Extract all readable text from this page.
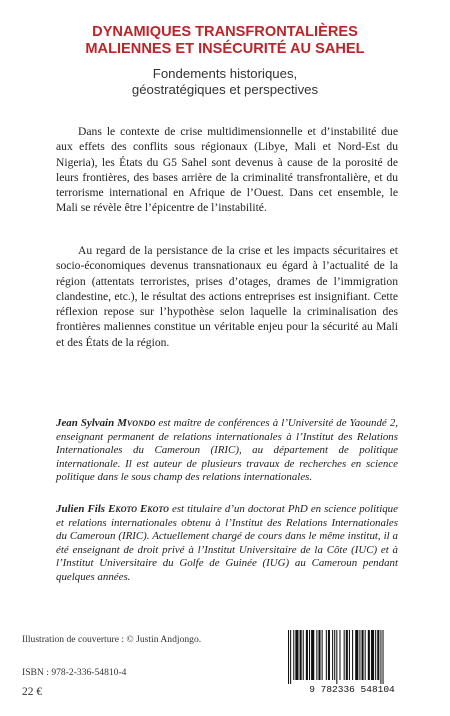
DYNAMIQUES TRANSFRONTALIÈRES
MALIENNES ET INSÉCURITÉ AU SAHEL
Fondements historiques,
géostratégiques et perspectives

Dans le contexte de crise multidimensionnelle et d’instabilité due aux effets des conflits sous régionaux (Libye, Mali et Nord-Est du Nigeria), les États du G5 Sahel sont devenus à cause de la porosité de leurs frontières, des bases arrière de la criminalité transfrontalière, et du terrorisme international en Afrique de l’Ouest. Dans cet ensemble, le Mali se révèle être l’épicentre de l’instabilité.

Au regard de la persistance de la crise et les impacts sécuritaires et socio-économiques devenus transnationaux eu égard à l’actualité de la région (attentats terroristes, prises d’otages, drames de l’immigration clandestine, etc.), le résultat des actions entreprises est insignifiant. Cette réflexion repose sur l’hypothèse selon laquelle la criminalisation des frontières maliennes constitue un véritable enjeu pour la sécurité au Mali et des États de la région.

Jean Sylvain Mvondo est maître de conférences à l’Université de Yaoundé 2, enseignant permanent de relations internationales à l’Institut des Relations Internationales du Cameroun (IRIC), au département de politique internationale. Il est auteur de plusieurs travaux de recherches en science politique dans le sous champ des relations internationales.

Julien Fils Ekoto Ekoto est titulaire d’un doctorat PhD en science politique et relations internationales obtenu à l’Institut des Relations Internationales du Cameroun (IRIC). Actuellement chargé de cours dans le même institut, il a été enseignant de droit privé à l’Institut Universitaire de la Côte (IUC) et à l’Institut Universitaire du Golfe de Guinée (IUG) au Cameroun pendant quelques années.

Illustration de couverture : © Justin Andjongo.
ISBN : 978-2-336-54810-4
22 €	9 782336 548104
